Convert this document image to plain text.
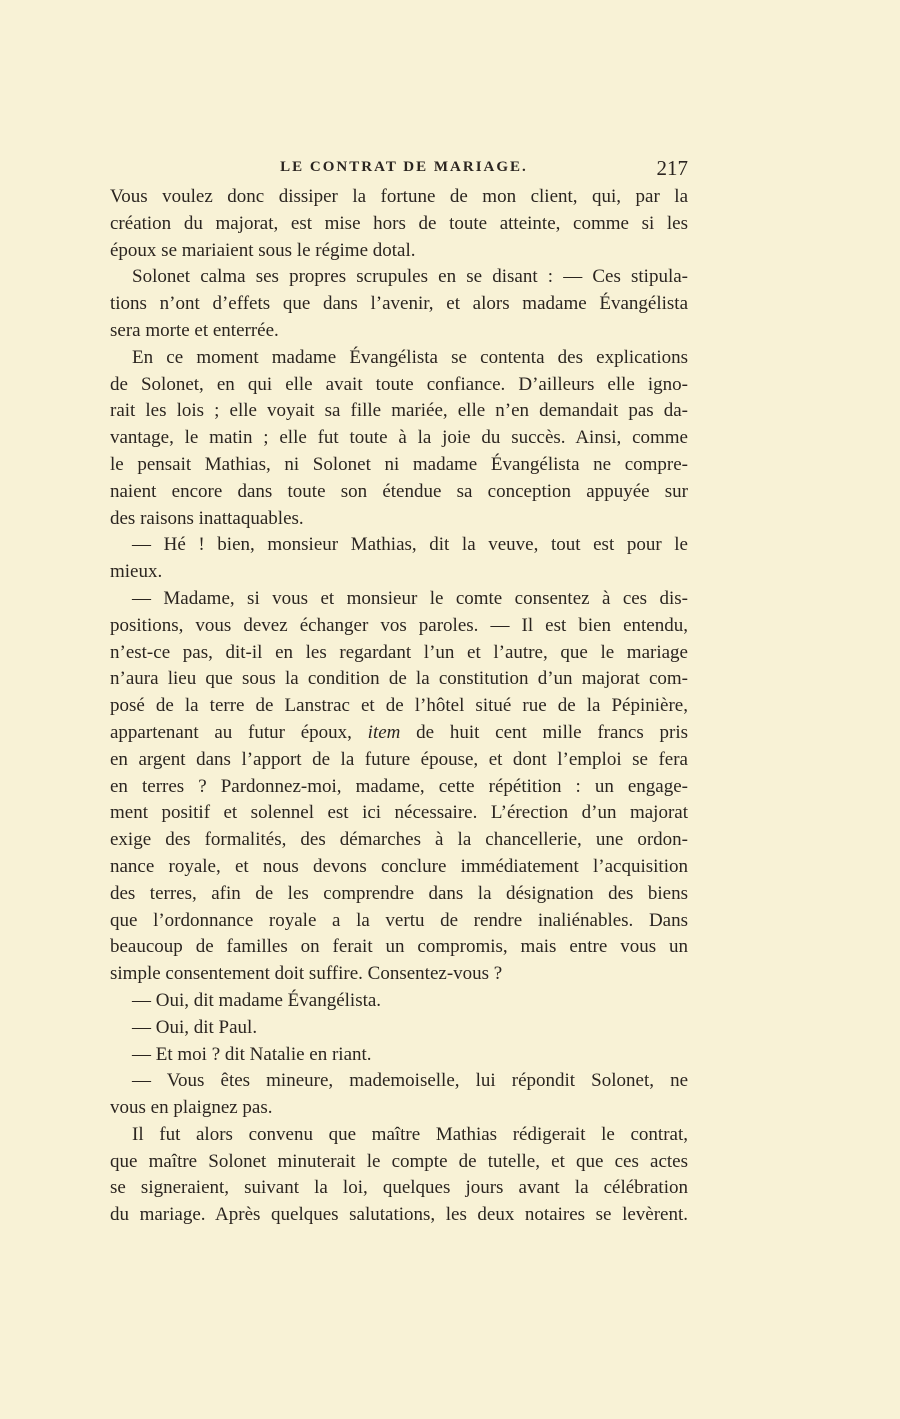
LE CONTRAT DE MARIAGE.	217
Vous voulez donc dissiper la fortune de mon client, qui, par la
création du majorat, est mise hors de toute atteinte, comme si les
époux se mariaient sous le régime dotal.
Solonet calma ses propres scrupules en se disant : — Ces stipula-
tions n’ont d’effets que dans l’avenir, et alors madame Évangélista
sera morte et enterrée.
En ce moment madame Évangélista se contenta des explications
de Solonet, en qui elle avait toute confiance. D’ailleurs elle igno-
rait les lois ; elle voyait sa fille mariée, elle n’en demandait pas da-
vantage, le matin ; elle fut toute à la joie du succès. Ainsi, comme
le pensait Mathias, ni Solonet ni madame Évangélista ne compre-
naient encore dans toute son étendue sa conception appuyée sur
des raisons inattaquables.
— Hé ! bien, monsieur Mathias, dit la veuve, tout est pour le
mieux.
— Madame, si vous et monsieur le comte consentez à ces dis-
positions, vous devez échanger vos paroles. — Il est bien entendu,
n’est-ce pas, dit-il en les regardant l’un et l’autre, que le mariage
n’aura lieu que sous la condition de la constitution d’un majorat com-
posé de la terre de Lanstrac et de l’hôtel situé rue de la Pépinière,
appartenant au futur époux, item de huit cent mille francs pris
en argent dans l’apport de la future épouse, et dont l’emploi se fera
en terres ? Pardonnez-moi, madame, cette répétition : un engage-
ment positif et solennel est ici nécessaire. L’érection d’un majorat
exige des formalités, des démarches à la chancellerie, une ordon-
nance royale, et nous devons conclure immédiatement l’acquisition
des terres, afin de les comprendre dans la désignation des biens
que l’ordonnance royale a la vertu de rendre inaliénables. Dans
beaucoup de familles on ferait un compromis, mais entre vous un
simple consentement doit suffire. Consentez-vous ?
— Oui, dit madame Évangélista.
— Oui, dit Paul.
— Et moi ? dit Natalie en riant.
— Vous êtes mineure, mademoiselle, lui répondit Solonet, ne
vous en plaignez pas.
Il fut alors convenu que maître Mathias rédigerait le contrat,
que maître Solonet minuterait le compte de tutelle, et que ces actes
se signeraient, suivant la loi, quelques jours avant la célébration
du mariage. Après quelques salutations, les deux notaires se levèrent.
